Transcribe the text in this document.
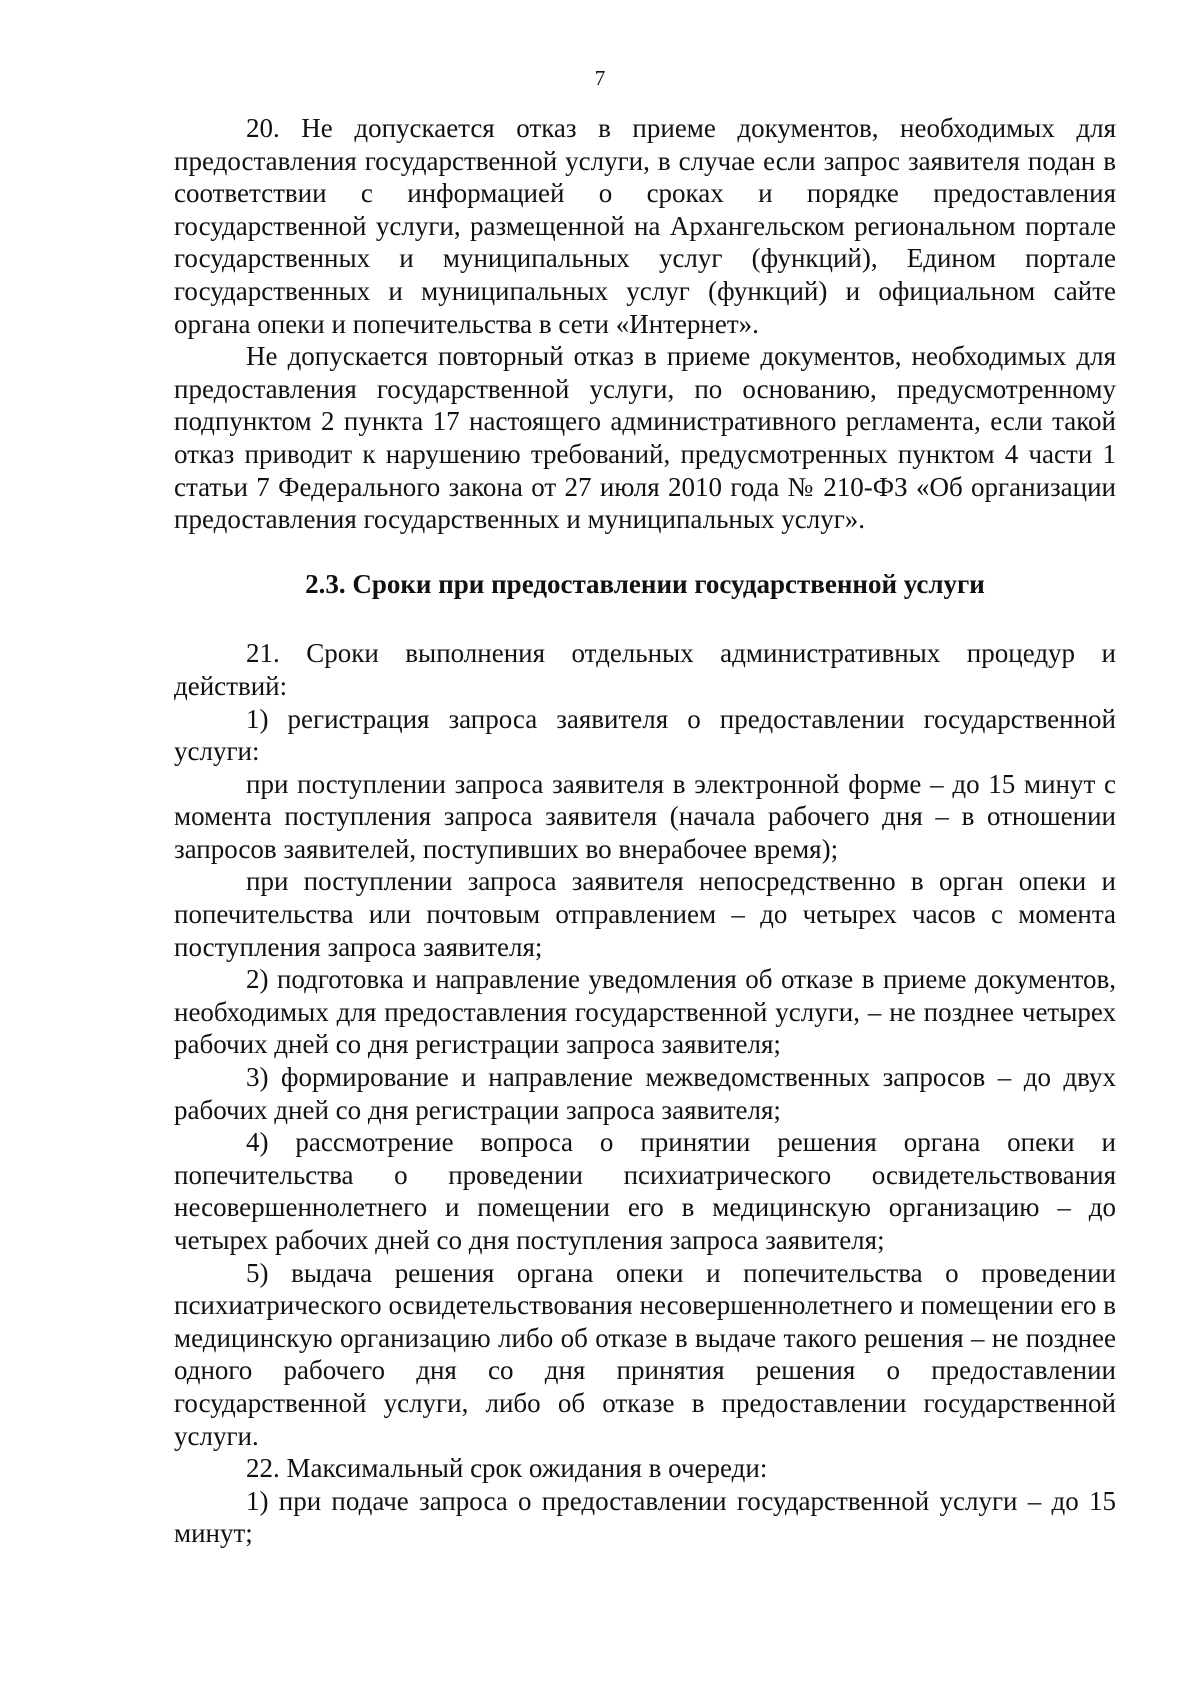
7

20. Не допускается отказ в приеме документов, необходимых для предоставления государственной услуги, в случае если запрос заявителя подан в соответствии с информацией о сроках и порядке предоставления государственной услуги, размещенной на Архангельском региональном портале государственных и муниципальных услуг (функций), Едином портале государственных и муниципальных услуг (функций) и официальном сайте органа опеки и попечительства в сети «Интернет».

Не допускается повторный отказ в приеме документов, необходимых для предоставления государственной услуги, по основанию, предусмотренному подпунктом 2 пункта 17 настоящего административного регламента, если такой отказ приводит к нарушению требований, предусмотренных пунктом 4 части 1 статьи 7 Федерального закона от 27 июля 2010 года № 210-ФЗ «Об организации предоставления государственных и муниципальных услуг».

2.3. Сроки при предоставлении государственной услуги

21. Сроки выполнения отдельных административных процедур и действий:

1) регистрация запроса заявителя о предоставлении государственной услуги:

при поступлении запроса заявителя в электронной форме – до 15 минут с момента поступления запроса заявителя (начала рабочего дня – в отношении запросов заявителей, поступивших во внерабочее время);

при поступлении запроса заявителя непосредственно в орган опеки и попечительства или почтовым отправлением – до четырех часов с момента поступления запроса заявителя;

2) подготовка и направление уведомления об отказе в приеме документов, необходимых для предоставления государственной услуги, – не позднее четырех рабочих дней со дня регистрации запроса заявителя;

3) формирование и направление межведомственных запросов – до двух рабочих дней со дня регистрации запроса заявителя;

4) рассмотрение вопроса о принятии решения органа опеки и попечительства о проведении психиатрического освидетельствования несовершеннолетнего и помещении его в медицинскую организацию – до четырех рабочих дней со дня поступления запроса заявителя;

5) выдача решения органа опеки и попечительства о проведении психиатрического освидетельствования несовершеннолетнего и помещении его в медицинскую организацию либо об отказе в выдаче такого решения – не позднее одного рабочего дня со дня принятия решения о предоставлении государственной услуги, либо об отказе в предоставлении государственной услуги.

22. Максимальный срок ожидания в очереди:

1) при подаче запроса о предоставлении государственной услуги – до 15 минут;
